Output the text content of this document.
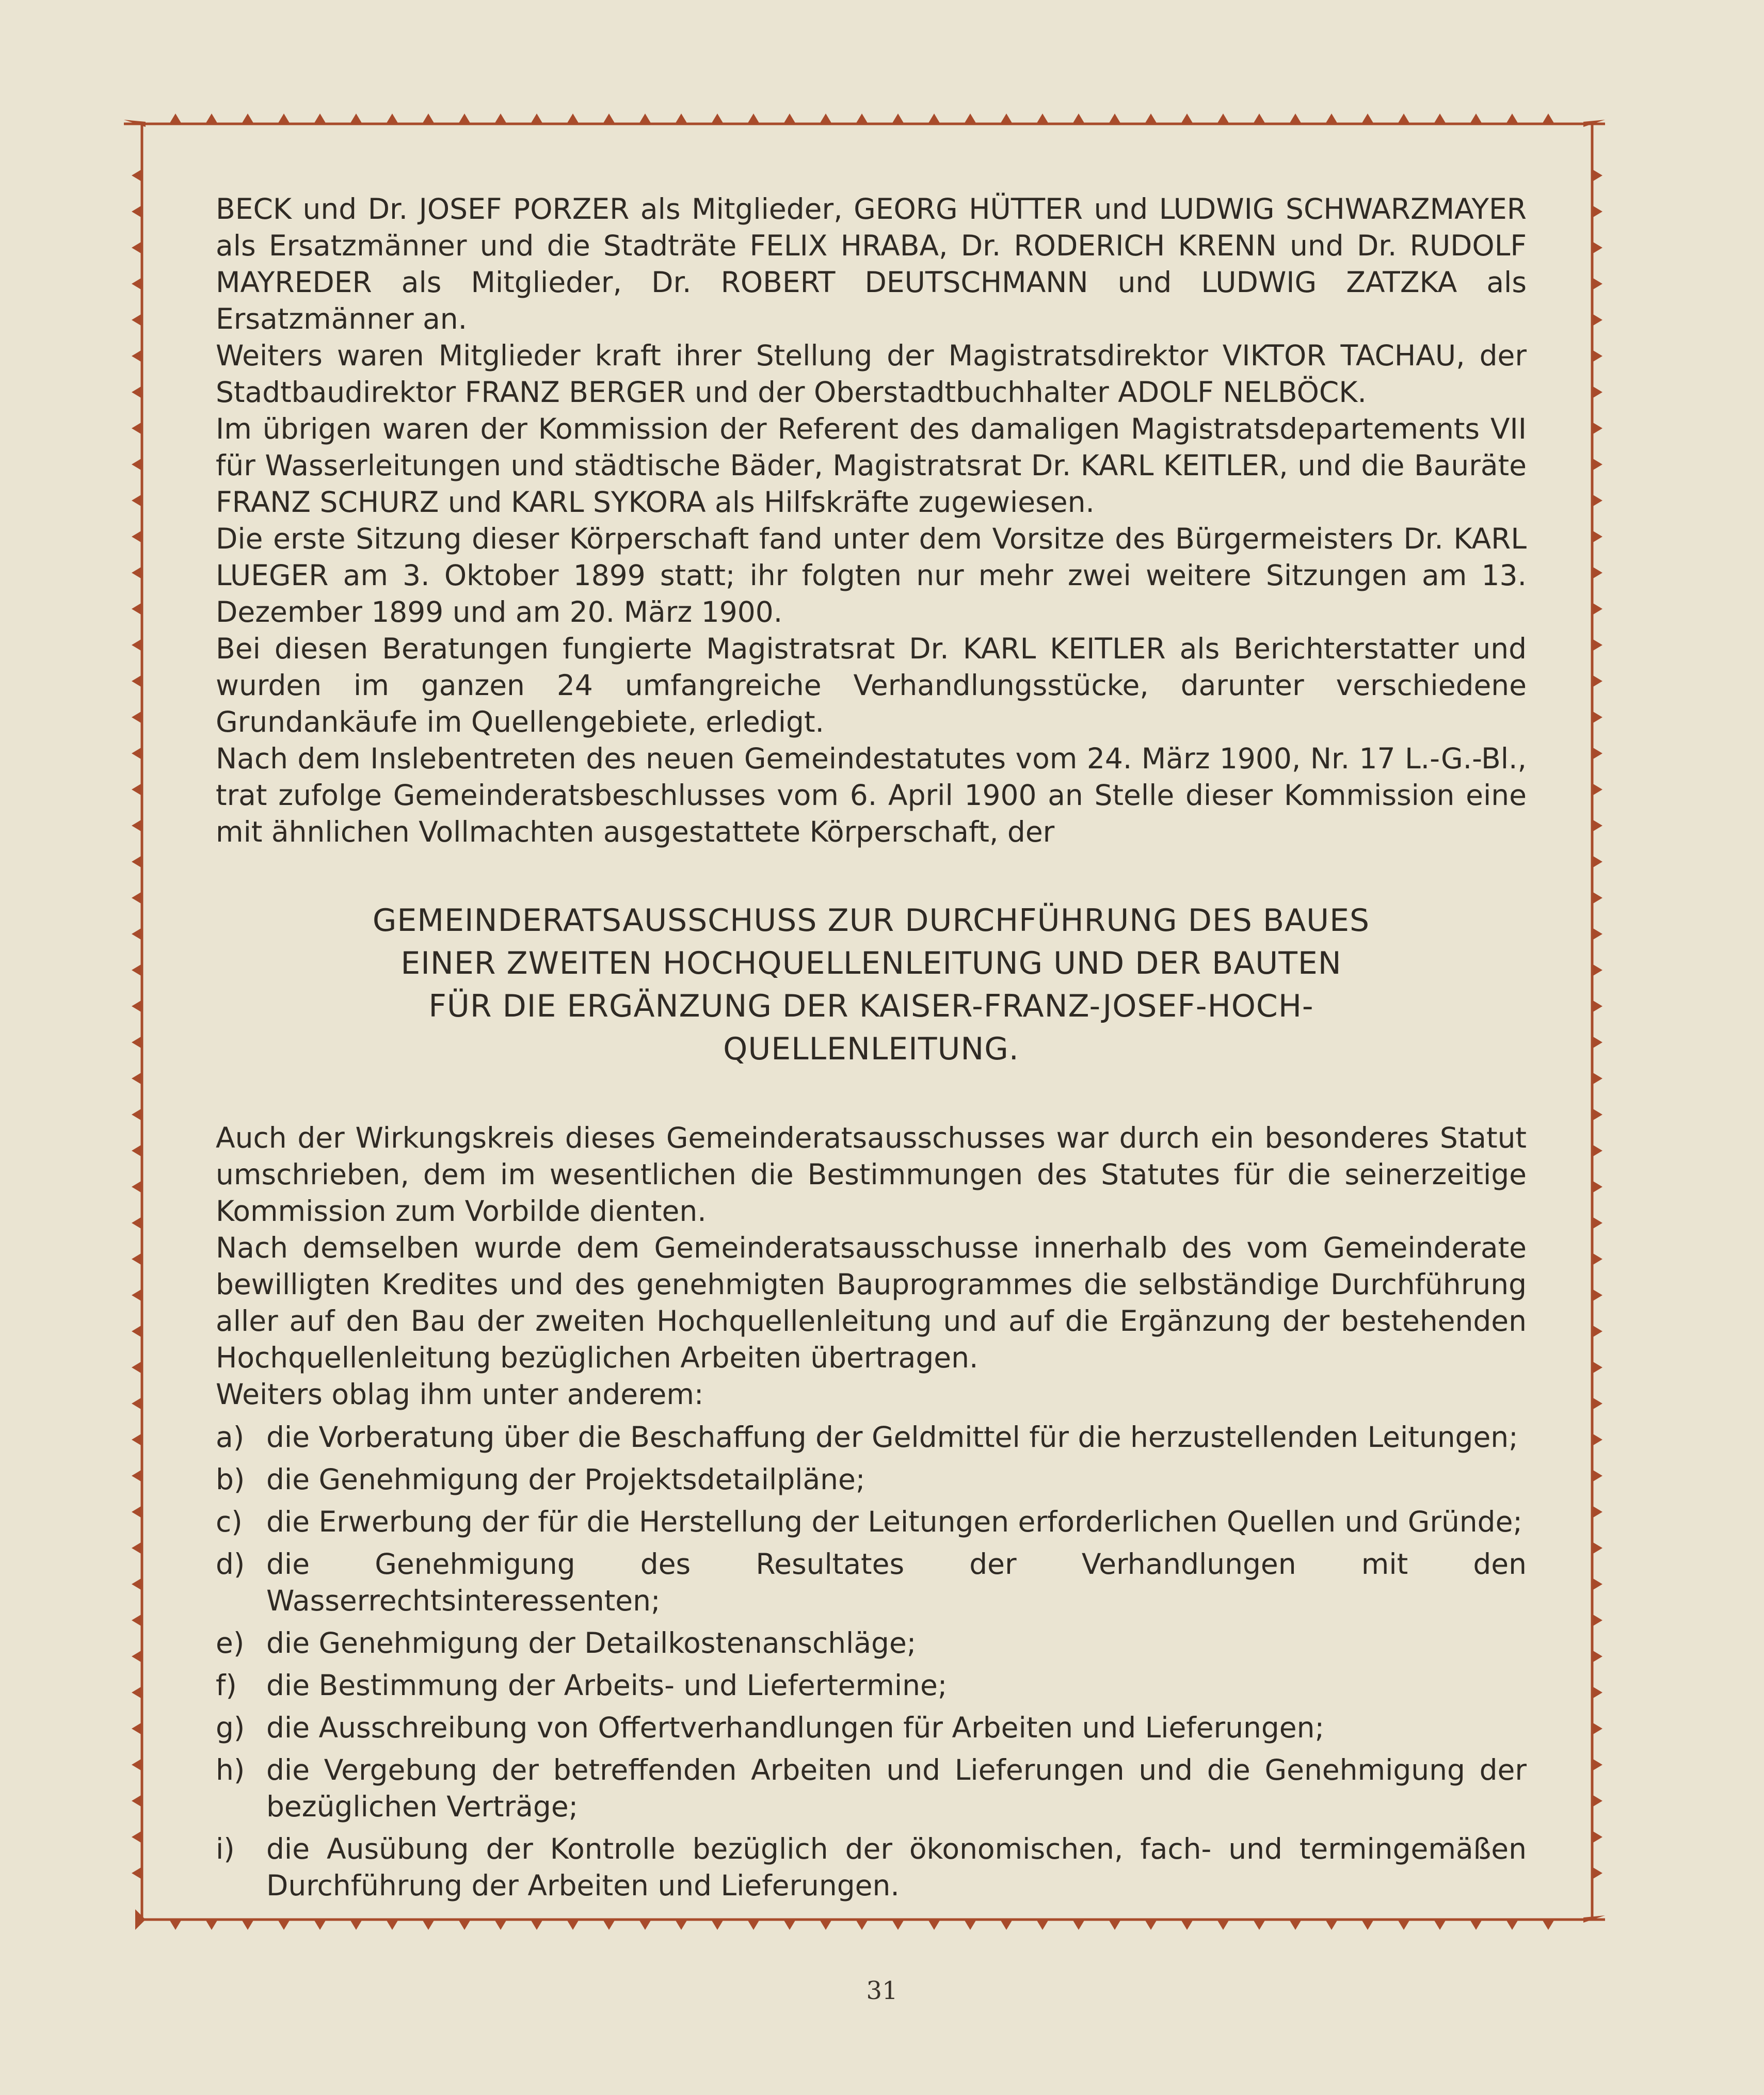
BECK und Dr. JOSEF PORZER als Mitglieder, GEORG HÜTTER und LUDWIG SCHWARZMAYER als Ersatzmänner und die Stadträte FELIX HRABA, Dr. RODERICH KRENN und Dr. RUDOLF MAYREDER als Mitglieder, Dr. ROBERT DEUTSCHMANN und LUDWIG ZATZKA als Ersatzmänner an.

Weiters waren Mitglieder kraft ihrer Stellung der Magistratsdirektor VIKTOR TACHAU, der Stadtbaudirektor FRANZ BERGER und der Oberstadtbuchhalter ADOLF NELBÖCK.

Im übrigen waren der Kommission der Referent des damaligen Magistratsdepartements VII für Wasserleitungen und städtische Bäder, Magistratsrat Dr. KARL KEITLER, und die Bauräte FRANZ SCHURZ und KARL SYKORA als Hilfskräfte zugewiesen.

Die erste Sitzung dieser Körperschaft fand unter dem Vorsitze des Bürgermeisters Dr. KARL LUEGER am 3. Oktober 1899 statt; ihr folgten nur mehr zwei weitere Sitzungen am 13. Dezember 1899 und am 20. März 1900.

Bei diesen Beratungen fungierte Magistratsrat Dr. KARL KEITLER als Berichterstatter und wurden im ganzen 24 umfangreiche Verhandlungsstücke, darunter verschiedene Grundankäufe im Quellengebiete, erledigt.

Nach dem Inslebentreten des neuen Gemeindestatutes vom 24. März 1900, Nr. 17 L.-G.-Bl., trat zufolge Gemeinderatsbeschlusses vom 6. April 1900 an Stelle dieser Kommission eine mit ähnlichen Vollmachten ausgestattete Körperschaft, der

GEMEINDERATSAUSSCHUSS ZUR DURCHFÜHRUNG DES BAUES
EINER ZWEITEN HOCHQUELLENLEITUNG UND DER BAUTEN
FÜR DIE ERGÄNZUNG DER KAISER-FRANZ-JOSEF-HOCH-
QUELLENLEITUNG.

Auch der Wirkungskreis dieses Gemeinderatsausschusses war durch ein besonderes Statut umschrieben, dem im wesentlichen die Bestimmungen des Statutes für die seinerzeitige Kommission zum Vorbilde dienten.

Nach demselben wurde dem Gemeinderatsausschusse innerhalb des vom Gemeinderate bewilligten Kredites und des genehmigten Bauprogrammes die selbständige Durchführung aller auf den Bau der zweiten Hochquellenleitung und auf die Ergänzung der bestehenden Hochquellenleitung bezüglichen Arbeiten übertragen.

Weiters oblag ihm unter anderem:

a) die Vorberatung über die Beschaffung der Geldmittel für die herzustellenden Leitungen;
b) die Genehmigung der Projektsdetailpläne;
c) die Erwerbung der für die Herstellung der Leitungen erforderlichen Quellen und Gründe;
d) die Genehmigung des Resultates der Verhandlungen mit den Wasserrechtsinteressenten;
e) die Genehmigung der Detailkostenanschläge;
f) die Bestimmung der Arbeits- und Liefertermine;
g) die Ausschreibung von Offertverhandlungen für Arbeiten und Lieferungen;
h) die Vergebung der betreffenden Arbeiten und Lieferungen und die Genehmigung der bezüglichen Verträge;
i) die Ausübung der Kontrolle bezüglich der ökonomischen, fach- und termingemäßen Durchführung der Arbeiten und Lieferungen.
31
